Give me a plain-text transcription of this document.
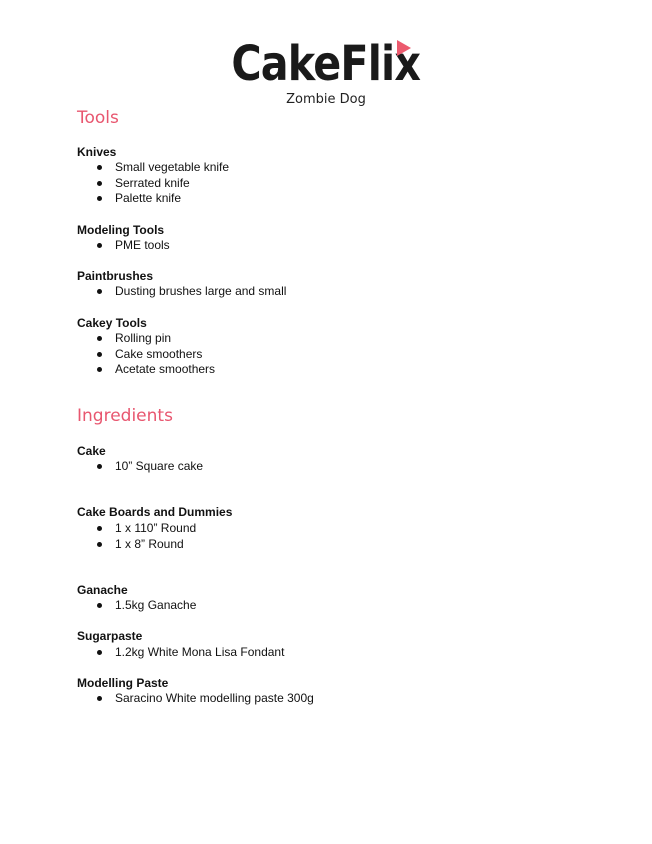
CakeFlix
Zombie Dog
Tools
Knives
Small vegetable knife
Serrated knife
Palette knife
Modeling Tools
PME tools
Paintbrushes
Dusting brushes large and small
Cakey Tools
Rolling pin
Cake smoothers
Acetate smoothers
Ingredients
Cake
10” Square cake
Cake Boards and Dummies
1 x 110” Round
1 x 8” Round
Ganache
1.5kg Ganache
Sugarpaste
1.2kg White Mona Lisa Fondant
Modelling Paste
Saracino White modelling paste 300g
